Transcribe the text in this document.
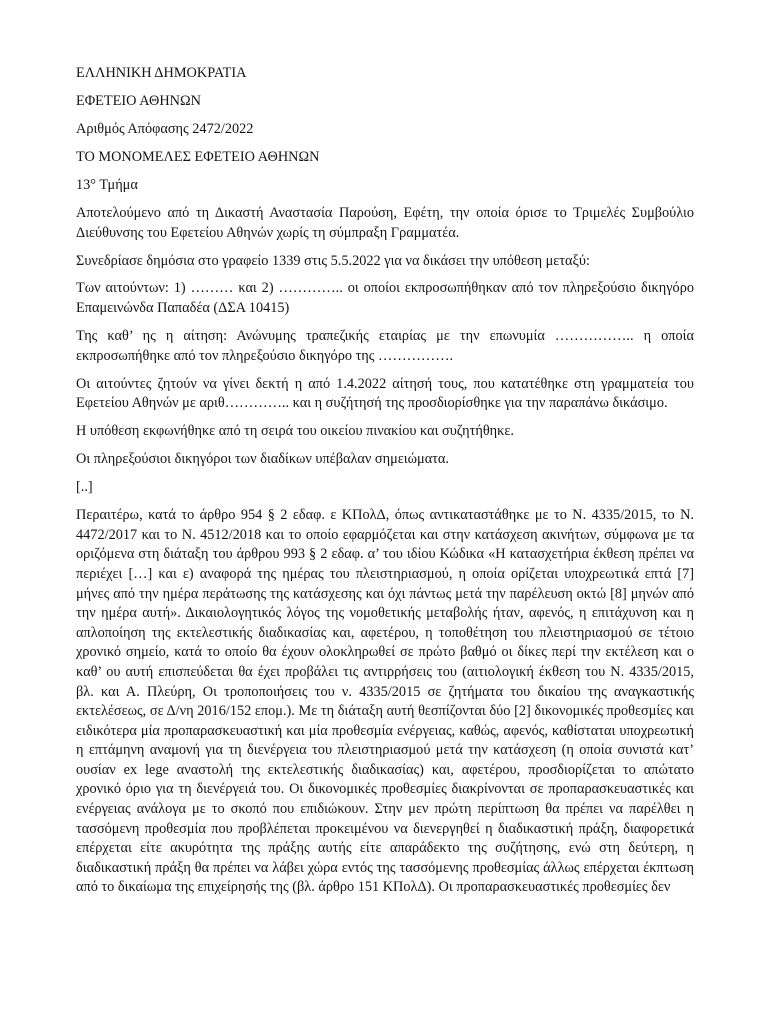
ΕΛΛΗΝΙΚΗ ΔΗΜΟΚΡΑΤΙΑ

ΕΦΕΤΕΙΟ ΑΘΗΝΩΝ

Αριθμός Απόφασης 2472/2022

ΤΟ ΜΟΝΟΜΕΛΕΣ ΕΦΕΤΕΙΟ ΑΘΗΝΩΝ

13° Τμήμα

Αποτελούμενο από τη Δικαστή Αναστασία Παρούση, Εφέτη, την οποία όρισε το Τριμελές Συμβούλιο Διεύθυνσης του Εφετείου Αθηνών χωρίς τη σύμπραξη Γραμματέα.

Συνεδρίασε δημόσια στο γραφείο 1339 στις 5.5.2022 για να δικάσει την υπόθεση μεταξύ:

Των αιτούντων: 1) ……… και 2) ………….. οι οποίοι εκπροσωπήθηκαν από τον πληρεξούσιο δικηγόρο Επαμεινώνδα Παπαδέα (ΔΣΑ 10415)

Της καθ’ ης η αίτηση: Ανώνυμης τραπεζικής εταιρίας με την επωνυμία …………….. η οποία εκπροσωπήθηκε από τον πληρεξούσιο δικηγόρο της …………….

Οι αιτούντες ζητούν να γίνει δεκτή η από 1.4.2022 αίτησή τους, που κατατέθηκε στη γραμματεία του Εφετείου Αθηνών με αριθ………….. και η συζήτησή της προσδιορίσθηκε για την παραπάνω δικάσιμο.

Η υπόθεση εκφωνήθηκε από τη σειρά του οικείου πινακίου και συζητήθηκε.

Οι πληρεξούσιοι δικηγόροι των διαδίκων υπέβαλαν σημειώματα.

[..]

Περαιτέρω, κατά το άρθρο 954 § 2 εδαφ. ε ΚΠολΔ, όπως αντικαταστάθηκε με το Ν. 4335/2015, το Ν. 4472/2017 και το Ν. 4512/2018 και το οποίο εφαρμόζεται και στην κατάσχεση ακινήτων, σύμφωνα με τα οριζόμενα στη διάταξη του άρθρου 993 § 2 εδαφ. α’ του ιδίου Κώδικα «Η κατασχετήρια έκθεση πρέπει να περιέχει […] και ε) αναφορά της ημέρας του πλειστηριασμού, η οποία ορίζεται υποχρεωτικά επτά [7] μήνες από την ημέρα περάτωσης της κατάσχεσης και όχι πάντως μετά την παρέλευση οκτώ [8] μηνών από την ημέρα αυτή». Δικαιολογητικός λόγος της νομοθετικής μεταβολής ήταν, αφενός, η επιτάχυνση και η απλοποίηση της εκτελεστικής διαδικασίας και, αφετέρου, η τοποθέτηση του πλειστηριασμού σε τέτοιο χρονικό σημείο, κατά το οποίο θα έχουν ολοκληρωθεί σε πρώτο βαθμό οι δίκες περί την εκτέλεση και ο καθ’ ου αυτή επισπεύδεται θα έχει προβάλει τις αντιρρήσεις του (αιτιολογική έκθεση του Ν. 4335/2015, βλ. και Α. Πλεύρη, Οι τροποποιήσεις του ν. 4335/2015 σε ζητήματα του δικαίου της αναγκαστικής εκτελέσεως, σε Δ/νη 2016/152 επομ.). Με τη διάταξη αυτή θεσπίζονται δύο [2] δικονομικές προθεσμίες και ειδικότερα μία προπαρασκευαστική και μία προθεσμία ενέργειας, καθώς, αφενός, καθίσταται υποχρεωτική η επτάμηνη αναμονή για τη διενέργεια του πλειστηριασμού μετά την κατάσχεση (η οποία συνιστά κατ’ ουσίαν ex lege αναστολή της εκτελεστικής διαδικασίας) και, αφετέρου, προσδιορίζεται το απώτατο χρονικό όριο για τη διενέργειά του. Οι δικονομικές προθεσμίες διακρίνονται σε προπαρασκευαστικές και ενέργειας ανάλογα με το σκοπό που επιδιώκουν. Στην μεν πρώτη περίπτωση θα πρέπει να παρέλθει η τασσόμενη προθεσμία που προβλέπεται προκειμένου να διενεργηθεί η διαδικαστική πράξη, διαφορετικά επέρχεται είτε ακυρότητα της πράξης αυτής είτε απαράδεκτο της συζήτησης, ενώ στη δεύτερη, η διαδικαστική πράξη θα πρέπει να λάβει χώρα εντός της τασσόμενης προθεσμίας άλλως επέρχεται έκπτωση από το δικαίωμα της επιχείρησής της (βλ. άρθρο 151 ΚΠολΔ). Οι προπαρασκευαστικές προθεσμίες δεν
